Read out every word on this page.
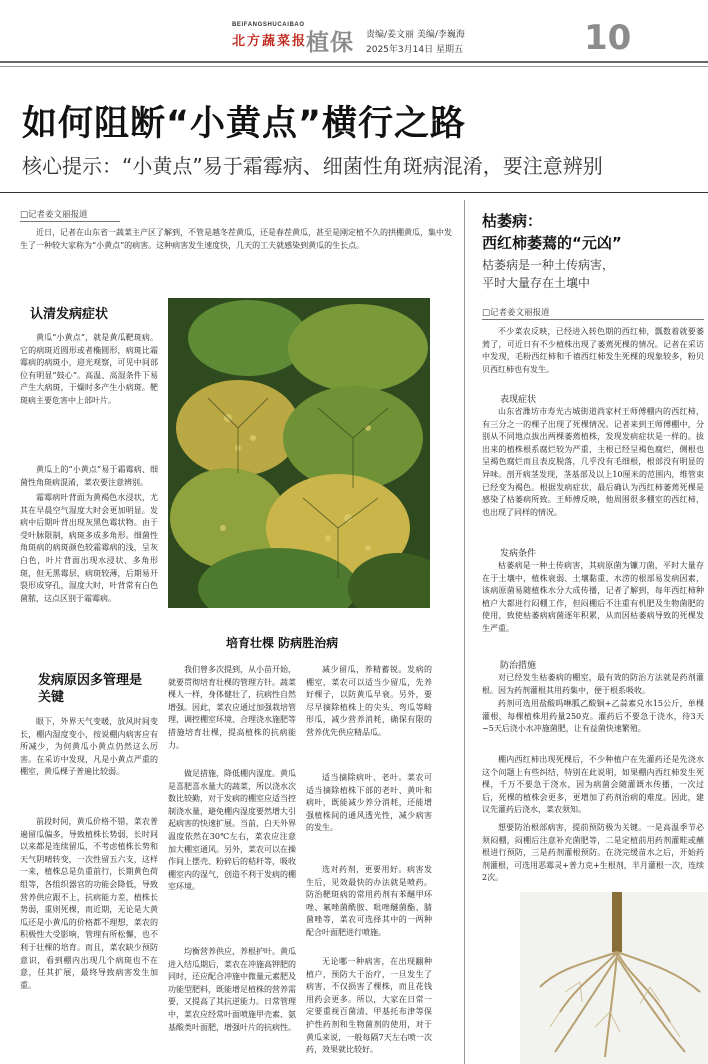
BEIFANGSHUCAIBAO
北方蔬菜报
植保 责编/姜文丽 美编/李巍海
2025年3月14日 星期五	10
如何阻断“小黄点”横行之路
核心提示：“小黄点”易于霜霉病、细菌性角斑病混淆，要注意辨别
□记者姜文丽报道
近日，记者在山东省一蔬菜主产区了解到，不管是越冬茬黄瓜，还是春茬黄瓜，甚至是刚定植不久的拱棚黄瓜，集中发生了一种较大家称为“小黄点”的病害。这种病害发生速度快，几天的工夫就感染到黄瓜的生长点。
认清发病症状
黄瓜“小黄点”，就是黄瓜靶斑病。它的病斑近圆形或者椭圆形，病斑比霜霉病的病斑小，迎光观察，可见中间部位有明显“鼓心”。高温、高湿条件下易产生大病斑，干燥时多产生小病斑。靶斑病主要危害中上部叶片。
黄瓜上的“小黄点”易于霜霉病、细菌性角斑病混淆，菜农要注意辨别。
霜霉病叶背面为黄褐色水浸状，尤其在早晨空气湿度大时会更加明显。发病中后期叶背出现灰黑色霉状物。由于受叶脉限制，病斑多成多角形。细菌性角斑病的病斑颜色较霜霉病的浅，呈灰白色，叶片背面出现水浸状、多角形斑，但无黑霉层，病斑较薄，后期易开裂形成穿孔，湿度大时，叶背常有白色菌脓，这点区别于霜霉病。
培育壮棵 防病胜治病
发病原因多管理是关键
眼下，外界天气变暖，放风时间变长，棚内湿度变小，按说棚内病害应有所减少，为何黄瓜小黄点仍然这么厉害。在采访中发现，凡是小黄点严重的棚室，黄瓜棵子普遍比较弱。
前段时间，黄瓜价格不错，菜农普遍留瓜偏多，导致植株长势弱，长时间以来都是连续留瓜，不考虑植株长势和天气阴晴转变，一次性留五六支，这样一来，植株总是负重前行，长期黄色荷组等，各组织器官的功能会降低，导致营养供应跟不上，抗病能力差，植株长势弱，重则死棵，而近期，无论是大黄瓜还是小黄瓜的价格都不理想，菜农的积极性大受影响，管理有所松懈，也不利于壮棵的培育。而且，菜农缺少预防意识，看到棚内出现几个病斑也不在意，任其扩展，最终导致病害发生加重。
我们曾多次提到，从小苗开始，就要贯彻培育壮棵的管理方针。蔬菜棵人一样，身体健壮了，抗病性自然增强。因此，菜农应通过加强栽培管理，调控棚室环境、合理浇水施肥等措施培育壮棵，提高植株的抗病能力。
做足措施，降低棚内湿度。黄瓜是喜肥喜水量大的蔬菜，所以浇水次数比较勤，对于发病的棚室应适当控制浇水量，避免棚内湿度要然增大引起病害的快速扩展。当前，白天外界温度依然在30℃左右，菜农应注意加大棚室通风。另外，菜农可以在操作间上摆壳、粉碎后的秸秆等，吸收棚室内的湿气，创造不利于发病的棚室环境。
均衡营养供应，养根护叶。黄瓜进入结瓜期后，菜农在冲施高钾肥的同时，还应配合冲施中微量元素肥及功能型肥料，既能增足植株的营养需要，又提高了其抗逆能力。日常管理中，菜农应经常叶面喷施甲壳素、氨基酸类叶面肥，增强叶片的抗病性。
减少留瓜，养精蓄锐。发病的棚室，菜农可以适当少留瓜，先养好棵子，以防黄瓜早衰。另外，要尽早摘除植株上的尖头、弯瓜等畸形瓜，减少营养消耗，确保有限的营养优先供应精品瓜。
适当摘除病叶、老叶。菜农可适当摘除植株下部的老叶、黄叶和病叶，既能减少养分消耗，还能增强植株间的通风透光性，减少病害的发生。
选对药剂，更要用好。病害发生后，见效最快的办法就是喷药。防治靶斑病的常用药剂有苯醚甲环唑、氟唑菌酰胺、吡唑醚菌酯、腈菌唑等，菜农可选择其中的一两种配合叶面肥进行喷施。
无论哪一种病害，在出现翻种植户，预防大于治疗，一旦发生了病害，不仅损害了棵株，而且花钱用药会更多。所以，大家在日常一定要重视百菌清、甲基托布津等保护性药剂和生物菌剂的使用，对于黄瓜来说，一般每隔7天左右喷一次药，效果就比较好。
枯萎病：
西红柿萎蔫的“元凶”
枯萎病是一种土传病害，
平时大量存在土壤中
□记者姜文丽报道
不少菜农反映，已经进入转色期的西红柿，瓢数着就要萎蔫了，可近日有不少植株出现了萎蔫死棵的情况。记者在采访中发现，毛粉西红柿和千禧西红柿发生死棵的现象较多，粉贝贝西红柿也有发生。
表现症状
山东省潍坊市寿光古城街道尚家村王师傅棚内的西红柿，有三分之一的棵子出现了死棵情况。记者来到王师傅棚中，分别从不同地点拔出两棵萎蔫植株，发现发病症状是一样的。拔出来的植株根系腐烂较为严重，主根已经呈褐色腐烂，侧根也呈褐色腐烂而且表皮脱落，几乎没有毛细根，根部没有明显的异味。剖开病茎发现，茎基部及以上10厘米的范围内，维管束已经变为褐色。根据发病症状，最后确认为西红柿萎蔫死棵是感染了枯萎病所致。王师傅反映，他周围很多棚室的西红柿，也出现了同样的情况。
发病条件
枯萎病是一种土传病害，其病原菌为镰刀菌，平时大量存在于土壤中，植株衰弱、土壤黏重、水涝的根部易发病因素，该病原菌易随植株水分大成传播，记者了解到，每年西红柿种植户大都进行闷棚工作，但闷棚后不注重有机肥及生物菌肥的使用，致使枯萎病病菌逐年积累，从而因枯萎病导致的死棵发生严重。
防治措施
对已经发生枯萎病的棚室，最有效的防治方法就是药剂灌根。因为药剂灌根其用药集中，便于根系吸收。
药剂可选用盐酸吗啉胍乙酸铜+乙蒜素兑水15公斤，单棵灌根，每棵植株用药量250克。灌药后不要急于浇水，待3天~5天后浇小水冲施菌肥，让有益菌快速繁殖。
棚内西红柿出现死棵后，不少种植户在先灌药还是先浇水这个问题上有些纠结，特别在此说明，如果棚内西红柿发生死棵，千万不要急于浇水，因为病菌会随灌溉水传播，一次过后，死棵的植株会更多，更增加了药剂治病的难度。因此，建议先灌药后浇水，菜农须知。
想要防治根部病害，提前预防极为关键。一是高温季节必须闷棚，闷棚后注意补充菌肥等，二是定植前用药剂灌畦或蘸根进行预防，三是药剂灌根预防。在浇完缓苗水之后，开始药剂灌根，可选用恶霉灵+普力克+生根剂，半月灌根一次，连续2次。
